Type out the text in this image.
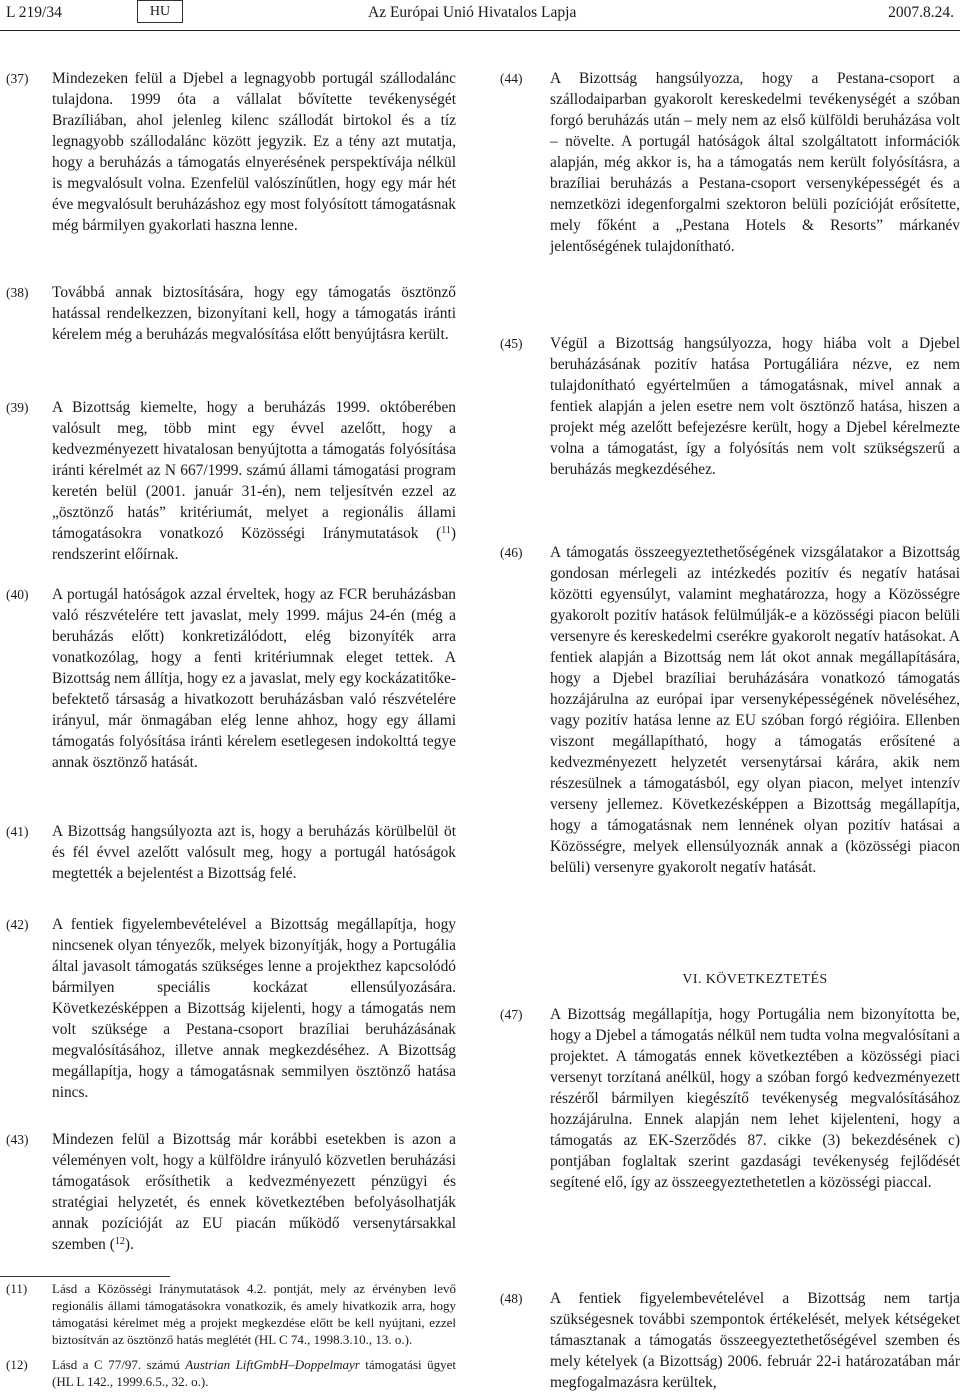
L 219/34	HU	Az Európai Unió Hivatalos Lapja	2007.8.24.
(37) Mindezeken felül a Djebel a legnagyobb portugál szállodalánc tulajdona. 1999 óta a vállalat bővítette tevékenységét Brazíliában, ahol jelenleg kilenc szállodát birtokol és a tíz legnagyobb szállodalánc között jegyzik. Ez a tény azt mutatja, hogy a beruházás a támogatás elnyerésének perspektívája nélkül is megvalósult volna. Ezenfelül valószínűtlen, hogy egy már hét éve megvalósult beruházáshoz egy most folyósított támogatásnak még bármilyen gyakorlati haszna lenne.
(38) Továbbá annak biztosítására, hogy egy támogatás ösztönző hatással rendelkezzen, bizonyítani kell, hogy a támogatás iránti kérelem még a beruházás megvalósítása előtt benyújtásra került.
(39) A Bizottság kiemelte, hogy a beruházás 1999. októberében valósult meg, több mint egy évvel azelőtt, hogy a kedvezményezett hivatalosan benyújtotta a támogatás folyósítása iránti kérelmét az N 667/1999. számú állami támogatási program keretén belül (2001. január 31-én), nem teljesítvén ezzel az „ösztönző hatás” kritériumát, melyet a regionális állami támogatásokra vonatkozó Közösségi Iránymutatások ($^{11}$) rendszerint előírnak.
(40) A portugál hatóságok azzal érveltek, hogy az FCR beruházásban való részvételére tett javaslat, mely 1999. május 24-én (még a beruházás előtt) konkretizálódott, elég bizonyíték arra vonatkozólag, hogy a fenti kritériumnak eleget tettek. A Bizottság nem állítja, hogy ez a javaslat, mely egy kockázatitőke-befektető társaság a hivatkozott beruházásban való részvételére irányul, már önmagában elég lenne ahhoz, hogy egy állami támogatás folyósítása iránti kérelem esetlegesen indokolttá tegye annak ösztönző hatását.
(41) A Bizottság hangsúlyozta azt is, hogy a beruházás körülbelül öt és fél évvel azelőtt valósult meg, hogy a portugál hatóságok megtették a bejelentést a Bizottság felé.
(42) A fentiek figyelembevételével a Bizottság megállapítja, hogy nincsenek olyan tényezők, melyek bizonyítják, hogy a Portugália által javasolt támogatás szükséges lenne a projekthez kapcsolódó bármilyen speciális kockázat ellensúlyozására. Következésképpen a Bizottság kijelenti, hogy a támogatás nem volt szüksége a Pestana-csoport brazíliai beruházásának megvalósításához, illetve annak megkezdéséhez. A Bizottság megállapítja, hogy a támogatásnak semmilyen ösztönző hatása nincs.
(43) Mindezen felül a Bizottság már korábbi esetekben is azon a véleményen volt, hogy a külföldre irányuló közvetlen beruházási támogatások erősíthetik a kedvezményezett pénzügyi és stratégiai helyzetét, és ennek következtében befolyásolhatják annak pozícióját az EU piacán működő versenytársakkal szemben ($^{12}$).
(44) A Bizottság hangsúlyozza, hogy a Pestana-csoport a szállodaiparban gyakorolt kereskedelmi tevékenységét a szóban forgó beruházás után – mely nem az első külföldi beruházása volt – növelte. A portugál hatóságok által szolgáltatott információk alapján, még akkor is, ha a támogatás nem került folyósításra, a brazíliai beruházás a Pestana-csoport versenyképességét és a nemzetközi idegenforgalmi szektoron belüli pozícióját erősítette, mely főként a „Pestana Hotels & Resorts” márkanév jelentőségének tulajdonítható.
(45) Végül a Bizottság hangsúlyozza, hogy hiába volt a Djebel beruházásának pozitív hatása Portugáliára nézve, ez nem tulajdonítható egyértelműen a támogatásnak, mivel annak a fentiek alapján a jelen esetre nem volt ösztönző hatása, hiszen a projekt még azelőtt befejezésre került, hogy a Djebel kérelmezte volna a támogatást, így a folyósítás nem volt szükségszerű a beruházás megkezdéséhez.
(46) A támogatás összeegyeztethetőségének vizsgálatakor a Bizottság gondosan mérlegeli az intézkedés pozitív és negatív hatásai közötti egyensúlyt, valamint meghatározza, hogy a Közösségre gyakorolt pozitív hatások felülmúlják-e a közösségi piacon belüli versenyre és kereskedelmi cserékre gyakorolt negatív hatásokat. A fentiek alapján a Bizottság nem lát okot annak megállapítására, hogy a Djebel brazíliai beruházására vonatkozó támogatás hozzájárulna az európai ipar versenyképességének növeléséhez, vagy pozitív hatása lenne az EU szóban forgó régióira. Ellenben viszont megállapítható, hogy a támogatás erősítené a kedvezményezett helyzetét versenytársai kárára, akik nem részesülnek a támogatásból, egy olyan piacon, melyet intenzív verseny jellemez. Következésképpen a Bizottság megállapítja, hogy a támogatásnak nem lennének olyan pozitív hatásai a Közösségre, melyek ellensúlyoznák annak a (közösségi piacon belüli) versenyre gyakorolt negatív hatását.
(47) A Bizottság megállapítja, hogy Portugália nem bizonyította be, hogy a Djebel a támogatás nélkül nem tudta volna megvalósítani a projektet. A támogatás ennek következtében a közösségi piaci versenyt torzítaná anélkül, hogy a szóban forgó kedvezményezett részéről bármilyen kiegészítő tevékenység megvalósításához hozzájárulna. Ennek alapján nem lehet kijelenteni, hogy a támogatás az EK-Szerződés 87. cikke (3) bekezdésének c) pontjában foglaltak szerint gazdasági tevékenység fejlődését segítené elő, így az összeegyeztethetetlen a közösségi piaccal.
(48) A fentiek figyelembevételével a Bizottság nem tartja szükségesnek további szempontok értékelését, melyek kétségeket támasztanak a támogatás összeegyeztethetőségével szemben és mely kételyek (a Bizottság) 2006. február 22-i határozatában már megfogalmazásra kerültek,
VI. KÖVETKEZTETÉS
(11) Lásd a Közösségi Iránymutatások 4.2. pontját, mely az érvényben levő regionális állami támogatásokra vonatkozik, és amely hivatkozik arra, hogy támogatási kérelmet még a projekt megkezdése előtt be kell nyújtani, ezzel biztosítván az ösztönző hatás meglétét (HL C 74., 1998.3.10., 13. o.).
(12) Lásd a C 77/97. számú Austrian LiftGmbH–Doppelmayr támogatási ügyet (HL L 142., 1999.6.5., 32. o.).
